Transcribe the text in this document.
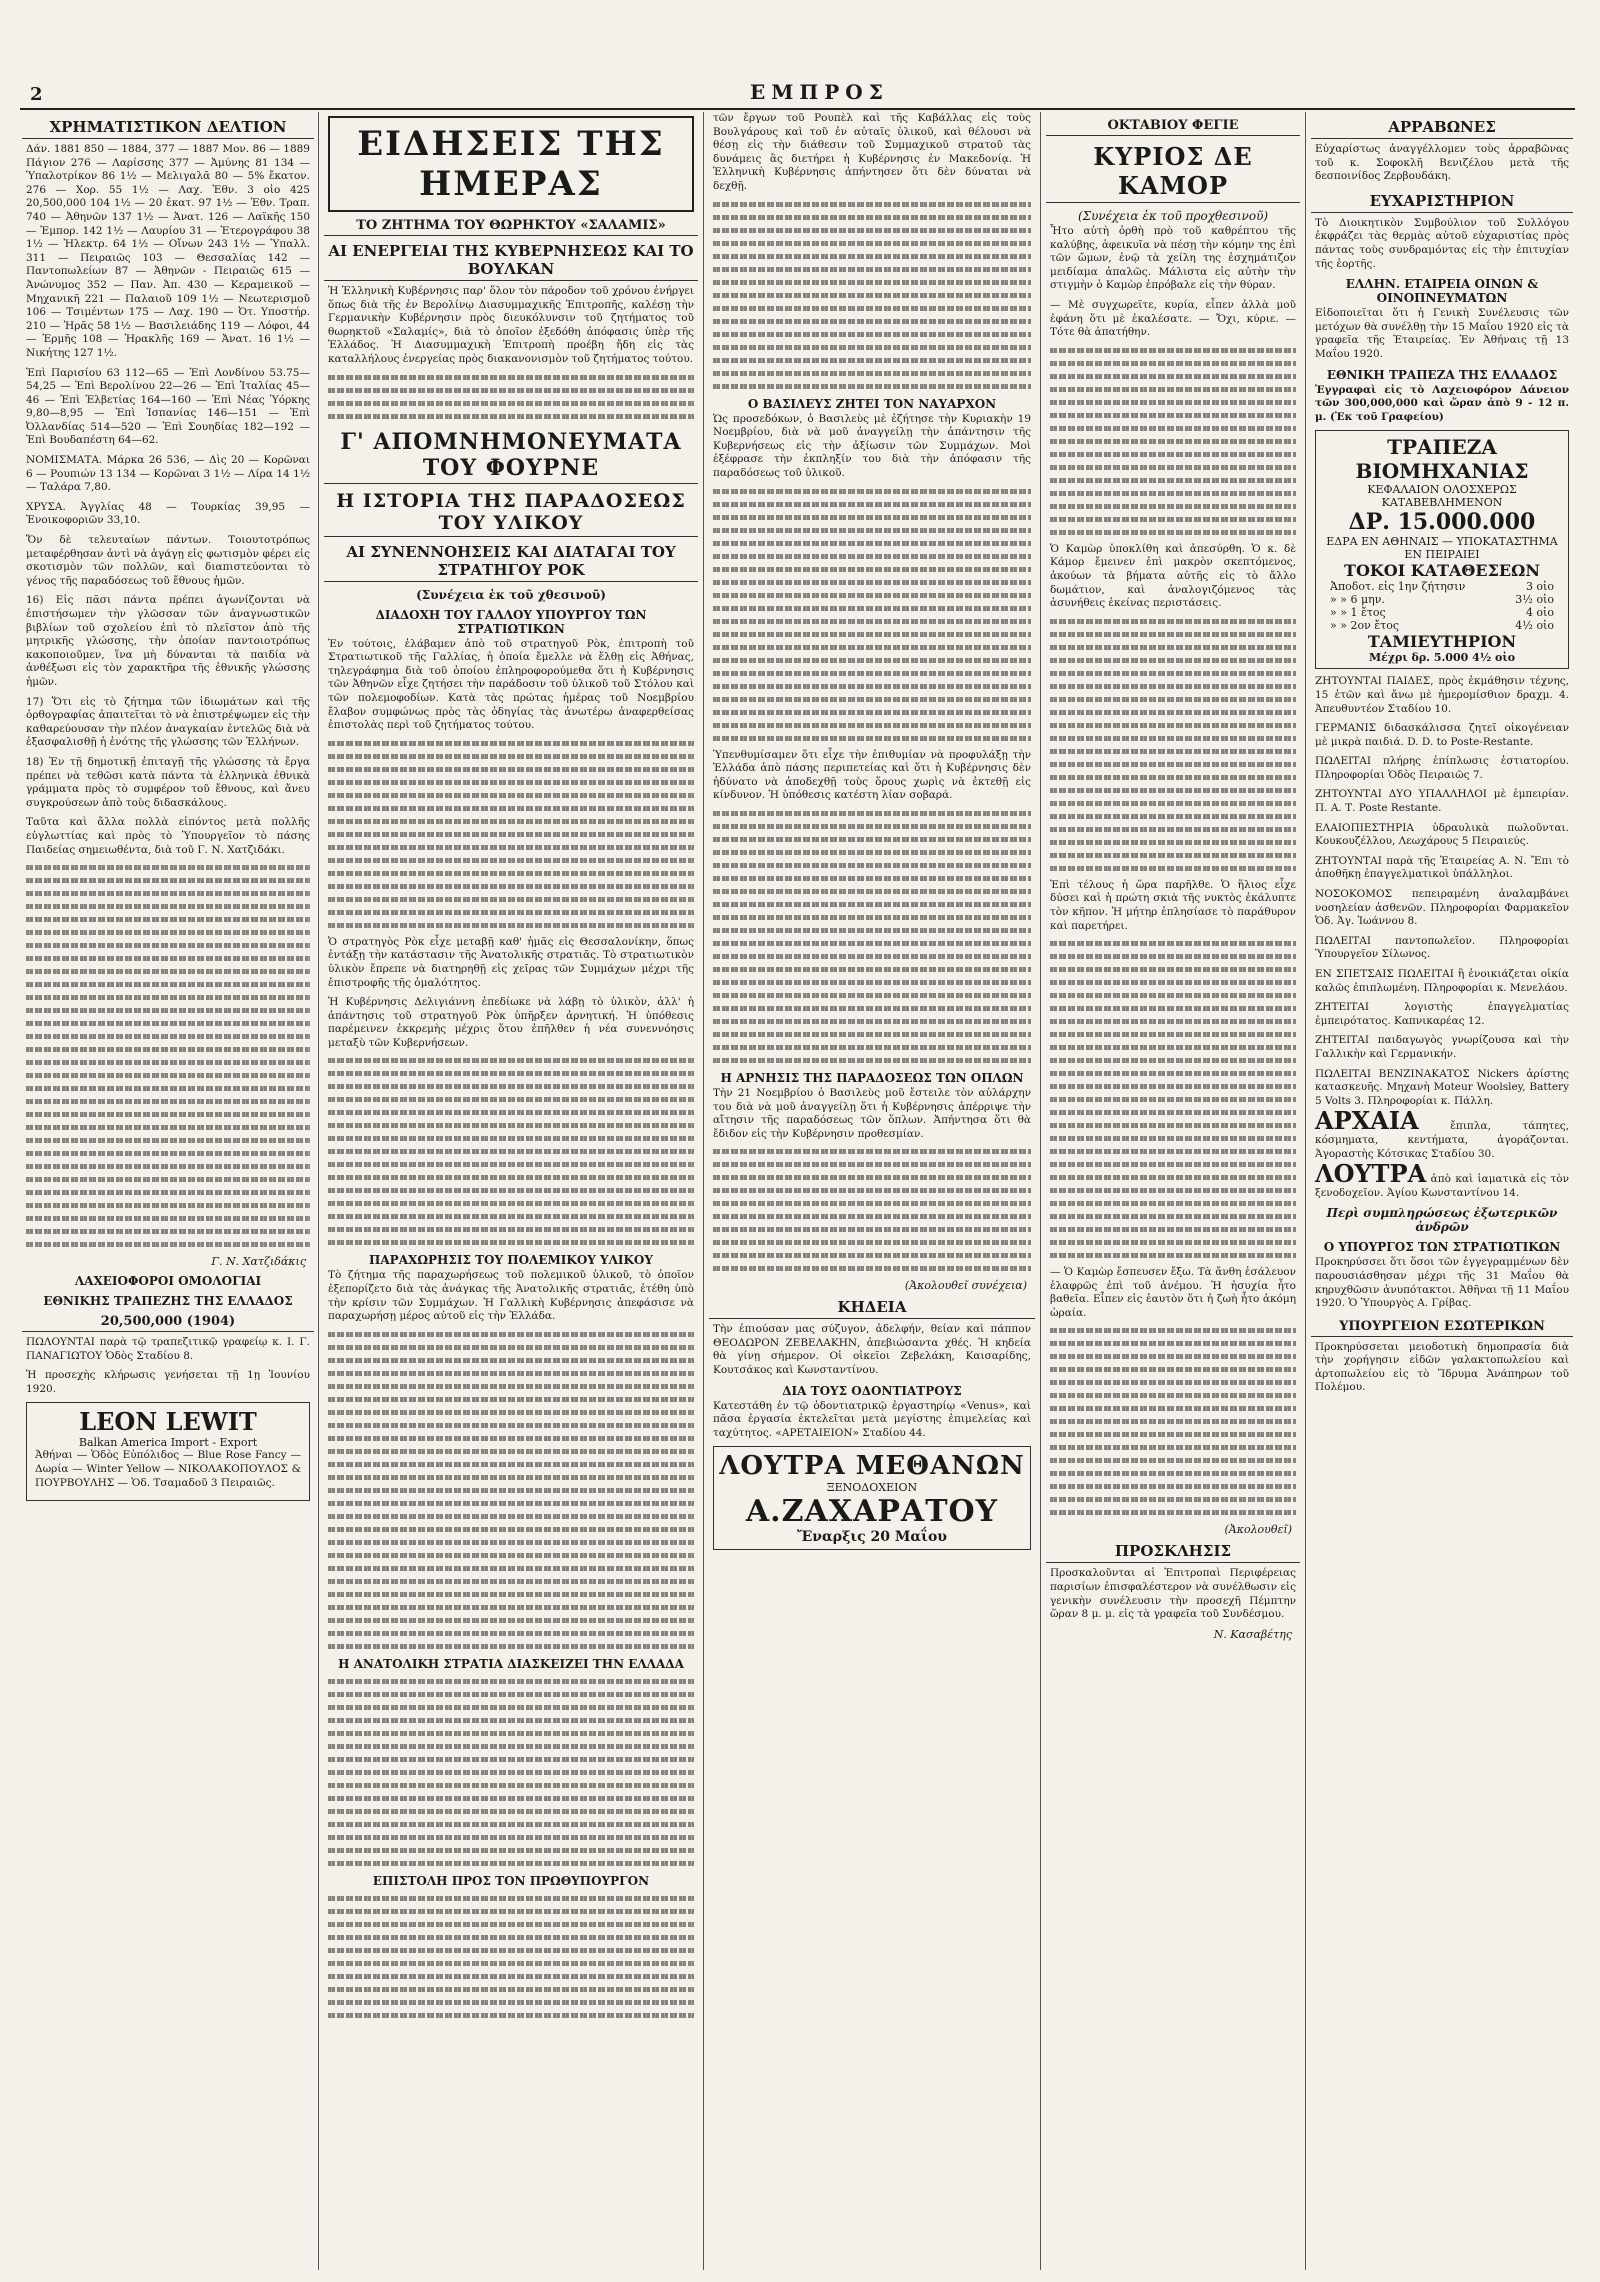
2	ΕΜΠΡΟΣ
ΧΡΗΜΑΤΙΣΤΙΚΟΝ ΔΕΛΤΙΟΝ

Δάν. 1881 850 — 1884, 377 — 1887 Μον. 86 — 1889 Πάγιον 276 — Λαρίσσης 377 — Ἀμύνης 81 134 — Ὑπαλοτρίκον 86 1½ — Μελιγαλᾶ 80 — 5% ἔκατον. 276 — Χορ. 55 1½ — Λαχ. Ἐθν. 3 οἰο 425 20,500,000 104 1½ — 20 ἐκατ. 97 1½ — Ἐθν. Τραπ. 740 — Ἀθηνῶν 137 1½ — Ἀνατ. 126 — Λαϊκῆς 150 — Ἐμπορ. 142 1½ — Λαυρίου 31 — Ἐτερογράφου 38 1½ — Ἠλεκτρ. 64 1½ — Οἴνων 243 1½ — Ὑπαλλ. 311 — Πειραιῶς 103 — Θεσσαλίας 142 — Παντοπωλείων 87 — Ἀθηνῶν - Πειραιῶς 615 — Ἀνώνυμος 352 — Παν. Ἀπ. 430 — Κεραμεικοῦ — Μηχανικῆ 221 — Παλαιοῦ 109 1½ — Νεωτερισμοῦ 106 — Τσιμέντων 175 — Λαχ. 190 — Ὀτ. Υποστήρ. 210 — Ἡρᾶς 58 1½ — Βασιλειάδης 119 — Λόφοι, 44 — Ἐρμῆς 108 — Ἠρακλῆς 169 — Ἀνατ. 16 1½ — Νικήτης 127 1½.

Ἐπὶ Παρισίου 63 112—65 — Ἐπὶ Λονδίνου 53.75—54,25 — Ἐπὶ Βερολίνου 22—26 — Ἐπὶ Ἰταλίας 45—46 — Ἐπὶ Ἐλβετίας 164—160 — Ἐπὶ Νέας Ὑόρκης 9,80—8,95 — Ἐπὶ Ἰσπανίας 146—151 — Ἐπὶ Ὀλλανδίας 514—520 — Ἐπὶ Σουηδίας 182—192 — Ἐπὶ Βουδαπέστη 64—62.

ΝΟΜΙΣΜΑΤΑ. Μάρκα 26 536, — Δὶς 20 — Κορῶναι 6 — Ρουπιών 13 134 — Κορῶναι 3 1½ — Λίρα 14 1½ — Ταλάρα 7,80.

ΧΡΥΣΑ. Ἀγγλίας 48 — Τουρκίας 39,95 — Ἐνοικοφοριῶν 33,10.

Ὅν δὲ τελευταίων πάντων. Τοιουτοτρόπως μεταφέρθησαν ἀντὶ νὰ ἀγάγῃ εἰς φωτισμὸν φέρει εἰς σκοτισμὸν τῶν πολλῶν, καὶ διαπιστεύονται τὸ γένος τῆς παραδόσεως τοῦ ἔθνους ἡμῶν.

16) Εἰς πᾶσι πάντα πρέπει ἀγωνίζονται νὰ ἐπιστήσωμεν τὴν γλῶσσαν τῶν ἀναγνωστικῶν βιβλίων τοῦ σχολείου ἐπὶ τὸ πλεῖστον ἀπὸ τῆς μητρικῆς γλώσσης, τὴν ὁποίαν παντοιοτρόπως κακοποιοῦμεν, ἵνα μὴ δύνανται τὰ παιδία νὰ ἀνθέξωσι εἰς τὸν χαρακτῆρα τῆς ἐθνικῆς γλώσσης ἡμῶν.

17) Ὅτι εἰς τὸ ζήτημα τῶν ἰδιωμάτων καὶ τῆς ὀρθογραφίας ἀπαιτεῖται τὸ νὰ ἐπιστρέψωμεν εἰς τὴν καθαρεύουσαν τὴν πλέον ἀναγκαίαν ἐντελῶς διὰ νὰ ἐξασφαλισθῇ ἡ ἑνότης τῆς γλώσσης τῶν Ἑλλήνων.

18) Ἐν τῇ δημοτικῇ ἐπιταγῇ τῆς γλώσσης τὰ ἔργα πρέπει νὰ τεθῶσι κατὰ πάντα τὰ ἑλληνικὰ ἐθνικὰ γράμματα πρὸς τὸ συμφέρον τοῦ ἔθνους, καὶ ἄνευ συγκρούσεων ἀπὸ τοὺς διδασκάλους.

Ταῦτα καὶ ἄλλα πολλὰ εἰπόντος μετὰ πολλῆς εὐγλωττίας καὶ πρὸς τὸ Ὑπουργεῖον τὸ πάσης Παιδείας σημειωθέντα, διὰ τοῦ Γ. Ν. Χατζιδάκι.

Γ. Ν. Χατζιδάκις
ΛΑΧΕΙΟΦΟΡΟΙ ΟΜΟΛΟΓΙΑΙ
ΕΘΝΙΚΗΣ ΤΡΑΠΕΖΗΣ ΤΗΣ ΕΛΛΑΔΟΣ
20,500,000 (1904)

ΠΩΛΟΥΝΤΑΙ παρὰ τῷ τραπεζιτικῷ γραφείῳ κ. Ι. Γ. ΠΑΝΑΓΙΩΤΟΥ Ὁδὸς Σταδίου 8.

Ἡ προσεχὴς κλήρωσις γενήσεται τῇ 1ῃ Ἰουνίου 1920.

LEON LEWIT
Balkan America Import - Export

Ἀθήναι — Ὁδὸς Εὐπόλιδος — Blue Rose Fancy — Δωρία — Winter Yellow — ΝΙΚΟΛΑΚΟΠΟΥΛΟΣ & ΠΟΥΡΒΟΥΛΗΣ — Ὁδ. Τσαμαδοῦ 3 Πειραιῶς.

ΕΙΔΗΣΕΙΣ ΤΗΣ ΗΜΕΡΑΣ
ΤΟ ΖΗΤΗΜΑ ΤΟΥ ΘΩΡΗΚΤΟΥ «ΣΑΛΑΜΙΣ»
ΑΙ ΕΝΕΡΓΕΙΑΙ ΤΗΣ ΚΥΒΕΡΝΗΣΕΩΣ ΚΑΙ ΤΟ ΒΟΥΛΚΑΝ

Ἡ Ἑλληνικὴ Κυβέρνησις παρ' ὅλον τὸν πάροδον τοῦ χρόνου ἐνήργει ὅπως διὰ τῆς ἐν Βερολίνῳ Διασυμμαχικῆς Ἐπιτροπῆς, καλέσῃ τὴν Γερμανικὴν Κυβέρνησιν πρὸς διευκόλυνσιν τοῦ ζητήματος τοῦ θωρηκτοῦ «Σαλαμίς», διὰ τὸ ὁποῖον ἐξεδόθη ἀπόφασις ὑπὲρ τῆς Ἑλλάδος. Ἡ Διασυμμαχικὴ Ἐπιτροπὴ προέβη ἤδη εἰς τὰς καταλλήλους ἐνεργείας πρὸς διακανονισμὸν τοῦ ζητήματος τούτου.

Γ' ΑΠΟΜΝΗΜΟΝΕΥΜΑΤΑ ΤΟΥ ΦΟΥΡΝΕ
Η ΙΣΤΟΡΙΑ ΤΗΣ ΠΑΡΑΔΟΣΕΩΣ ΤΟΥ ΥΛΙΚΟΥ
ΑΙ ΣΥΝΕΝΝΟΗΣΕΙΣ ΚΑΙ ΔΙΑΤΑΓΑΙ ΤΟΥ ΣΤΡΑΤΗΓΟΥ ΡΟΚ
(Συνέχεια ἐκ τοῦ χθεσινοῦ)
ΔΙΑΔΟΧΗ ΤΟΥ ΓΑΛΛΟΥ ΥΠΟΥΡΓΟΥ ΤΩΝ ΣΤΡΑΤΙΩΤΙΚΩΝ

Ἐν τούτοις, ἐλάβαμεν ἀπὸ τοῦ στρατηγοῦ Ρὸκ, ἐπιτροπὴ τοῦ Στρατιωτικοῦ τῆς Γαλλίας, ἡ ὁποία ἔμελλε νὰ ἔλθῃ εἰς Ἀθήνας, τηλεγράφημα διὰ τοῦ ὁποίου ἐπληροφορούμεθα ὅτι ἡ Κυβέρνησις τῶν Ἀθηνῶν εἶχε ζητήσει τὴν παράδοσιν τοῦ ὑλικοῦ τοῦ Στόλου καὶ τῶν πολεμοφοδίων. Κατὰ τὰς πρώτας ἡμέρας τοῦ Νοεμβρίου ἔλαβον συμφώνως πρὸς τὰς ὁδηγίας τὰς ἀνωτέρω ἀναφερθείσας ἐπιστολὰς περὶ τοῦ ζητήματος τούτου.

Ὁ στρατηγὸς Ρὸκ εἶχε μεταβῇ καθ' ἡμᾶς εἰς Θεσσαλονίκην, ὅπως ἐντάξῃ τὴν κατάστασιν τῆς Ἀνατολικῆς στρατιᾶς. Τὸ στρατιωτικὸν ὑλικὸν ἔπρεπε νὰ διατηρηθῇ εἰς χεῖρας τῶν Συμμάχων μέχρι τῆς ἐπιστροφῆς τῆς ὁμαλότητος.

Ἡ Κυβέρνησις Δελιγιάννη ἐπεδίωκε νὰ λάβῃ τὸ ὑλικὸν, ἀλλ' ἡ ἀπάντησις τοῦ στρατηγοῦ Ρὸκ ὑπῆρξεν ἀρνητική. Ἡ ὑπόθεσις παρέμεινεν ἐκκρεμὴς μέχρις ὅτου ἐπῆλθεν ἡ νέα συνεννόησις μεταξὺ τῶν Κυβερνήσεων.

ΠΑΡΑΧΩΡΗΣΙΣ ΤΟΥ ΠΟΛΕΜΙΚΟΥ ΥΛΙΚΟΥ

Τὸ ζήτημα τῆς παραχωρήσεως τοῦ πολεμικοῦ ὑλικοῦ, τὸ ὁποῖον ἐξεπορίζετο διὰ τὰς ἀνάγκας τῆς Ἀνατολικῆς στρατιᾶς, ἐτέθη ὑπὸ τὴν κρίσιν τῶν Συμμάχων. Ἡ Γαλλικὴ Κυβέρνησις ἀπεφάσισε νὰ παραχωρήσῃ μέρος αὐτοῦ εἰς τὴν Ἑλλάδα.

Η ΑΝΑΤΟΛΙΚΗ ΣΤΡΑΤΙΑ ΔΙΑΣΚΕΙΖΕΙ ΤΗΝ ΕΛΛΑΔΑ
ΕΠΙΣΤΟΛΗ ΠΡΟΣ ΤΟΝ ΠΡΩΘΥΠΟΥΡΓΟΝ

τῶν ἔργων τοῦ Ρουπὲλ καὶ τῆς Καβάλλας εἰς τοὺς Βουλγάρους καὶ τοῦ ἐν αὐταῖς ὑλικοῦ, καὶ θέλουσι νὰ θέσῃ εἰς τὴν διάθεσιν τοῦ Συμμαχικοῦ στρατοῦ τὰς δυνάμεις ἂς διετήρει ἡ Κυβέρνησις ἐν Μακεδονίᾳ. Ἡ Ἑλληνικὴ Κυβέρνησις ἀπήντησεν ὅτι δὲν δύναται νὰ δεχθῇ.

Ο ΒΑΣΙΛΕΥΣ ΖΗΤΕΙ ΤΟΝ ΝΑΥΑΡΧΟΝ

Ὡς προσεδόκων, ὁ Βασιλεὺς μὲ ἐζήτησε τὴν Κυριακὴν 19 Νοεμβρίου, διὰ νὰ μοῦ ἀναγγείλῃ τὴν ἀπάντησιν τῆς Κυβερνήσεως εἰς τὴν ἀξίωσιν τῶν Συμμάχων. Μοὶ ἐξέφρασε τὴν ἐκπληξίν του διὰ τὴν ἀπόφασιν τῆς παραδόσεως τοῦ ὑλικοῦ.

Ὑπενθυμίσαμεν ὅτι εἶχε τὴν ἐπιθυμίαν νὰ προφυλάξῃ τὴν Ἑλλάδα ἀπὸ πάσης περιπετείας καὶ ὅτι ἡ Κυβέρνησις δὲν ἠδύνατο νὰ ἀποδεχθῇ τοὺς ὅρους χωρὶς νὰ ἐκτεθῇ εἰς κίνδυνον. Ἡ ὑπόθεσις κατέστη λίαν σοβαρά.

Η ΑΡΝΗΣΙΣ ΤΗΣ ΠΑΡΑΔΟΣΕΩΣ ΤΩΝ ΟΠΛΩΝ

Τὴν 21 Νοεμβρίου ὁ Βασιλεὺς μοῦ ἔστειλε τὸν αὐλάρχην του διὰ νὰ μοῦ ἀναγγείλῃ ὅτι ἡ Κυβέρνησις ἀπέρριψε τὴν αἴτησιν τῆς παραδόσεως τῶν ὅπλων. Ἀπήντησα ὅτι θὰ ἔδιδον εἰς τὴν Κυβέρνησιν προθεσμίαν.

(Ἀκολουθεῖ συνέχεια)
ΚΗΔΕΙΑ

Τὴν ἐπιούσαν μας σύζυγον, ἀδελφήν, θείαν καὶ πάππον ΘΕΟΔΩΡΟΝ ΖΕΒΕΛΑΚΗΝ, ἀπεβιώσαντα χθές. Ἡ κηδεία θὰ γίνῃ σήμερον. Οἱ οἰκεῖοι Ζεβελάκη, Καισαρίδης, Κουτσάκος καὶ Κωνσταντίνου.

ΔΙΑ ΤΟΥΣ ΟΔΟΝΤΙΑΤΡΟΥΣ

Κατεστάθη ἐν τῷ ὁδοντιατρικῷ ἐργαστηρίῳ «Venus», καὶ πᾶσα ἐργασία ἐκτελεῖται μετὰ μεγίστης ἐπιμελείας καὶ ταχύτητος. «ΑΡΕΤΑΙΕΙΟΝ» Σταδίου 44.

ΛΟΥΤΡΑ ΜΕΘΑΝΩΝ
ΞΕΝΟΔΟΧΕΙΟΝ
Α.ΖΑΧΑΡΑΤΟΥ
Ἔναρξις 20 Μαΐου
ΟΚΤΑΒΙΟΥ ΦΕΓΙΕ
ΚΥΡΙΟΣ ΔΕ ΚΑΜΟΡ
(Συνέχεια ἐκ τοῦ προχθεσινοῦ)

Ἦτο αὐτὴ ὀρθὴ πρὸ τοῦ καθρέπτου τῆς καλύβης, ἀφεικυῖα νὰ πέσῃ τὴν κόμην της ἐπὶ τῶν ὤμων, ἐνῷ τὰ χείλη της ἐσχημάτιζον μειδίαμα ἀπαλῶς. Μάλιστα εἰς αὐτὴν τὴν στιγμὴν ὁ Καμὼρ ἐπρόβαλε εἰς τὴν θύραν.

— Μὲ συγχωρεῖτε, κυρία, εἶπεν ἀλλὰ μοῦ ἐφάνη ὅτι μὲ ἐκαλέσατε. — Ὄχι, κύριε. — Τότε θὰ ἀπατήθην.

Ὁ Καμὼρ ὑποκλίθη καὶ ἀπεσύρθη. Ὁ κ. δὲ Κάμορ ἔμεινεν ἐπὶ μακρὸν σκεπτόμενος, ἀκούων τὰ βήματα αὐτῆς εἰς τὸ ἄλλο δωμάτιον, καὶ ἀναλογιζόμενος τὰς ἀσυνήθεις ἐκείνας περιστάσεις.

Ἐπὶ τέλους ἡ ὥρα παρῆλθε. Ὁ ἥλιος εἶχε δύσει καὶ ἡ πρώτη σκιὰ τῆς νυκτὸς ἐκάλυπτε τὸν κῆπον. Ἡ μήτηρ ἐπλησίασε τὸ παράθυρον καὶ παρετήρει.

— Ὁ Καμὼρ ἔσπευσεν ἔξω. Τὰ ἄνθη ἐσάλευον ἐλαφρῶς ἐπὶ τοῦ ἀνέμου. Ἡ ἡσυχία ἦτο βαθεῖα. Εἶπεν εἰς ἑαυτὸν ὅτι ἡ ζωὴ ἦτο ἀκόμη ὡραία.

(Ἀκολουθεῖ)
ΠΡΟΣΚΛΗΣΙΣ

Προσκαλοῦνται αἱ Ἐπιτροπαὶ Περιφέρειας παρισίων ἐπισφαλέστερον νὰ συνέλθωσιν εἰς γενικὴν συνέλευσιν τὴν προσεχῆ Πέμπτην ὥραν 8 μ. μ. εἰς τὰ γραφεῖα τοῦ Συνδέσμου.

Ν. Κασαβέτης
ΑΡΡΑΒΩΝΕΣ

Εὐχαρίστως ἀναγγέλλομεν τοὺς ἀρραβῶνας τοῦ κ. Σοφοκλῆ Βενιζέλου μετὰ τῆς δεσποινίδος Ζερβουδάκη.

ΕΥΧΑΡΙΣΤΗΡΙΟΝ

Τὸ Διοικητικὸν Συμβούλιον τοῦ Συλλόγου ἐκφράζει τὰς θερμὰς αὐτοῦ εὐχαριστίας πρὸς πάντας τοὺς συνδραμόντας εἰς τὴν ἐπιτυχίαν τῆς ἑορτῆς.

ΕΛΛΗΝ. ΕΤΑΙΡΕΙΑ ΟΙΝΩΝ & ΟΙΝΟΠΝΕΥΜΑΤΩΝ

Εἰδοποιεῖται ὅτι ἡ Γενικὴ Συνέλευσις τῶν μετόχων θὰ συνέλθῃ τὴν 15 Μαΐου 1920 εἰς τὰ γραφεῖα τῆς Ἑταιρείας. Ἐν Ἀθήναις τῇ 13 Μαΐου 1920.

ΕΘΝΙΚΗ ΤΡΑΠΕΖΑ ΤΗΣ ΕΛΛΑΔΟΣ

Ἐγγραφαὶ εἰς τὸ Λαχειοφόρον Δάνειον τῶν 300,000,000 καὶ ὥραν ἀπὸ 9 - 12 π. μ. (Ἐκ τοῦ Γραφείου)

ΤΡΑΠΕΖΑ ΒΙΟΜΗΧΑΝΙΑΣ
ΚΕΦΑΛΑΙΟΝ ΟΛΟΣΧΕΡΩΣ ΚΑΤΑΒΕΒΛΗΜΕΝΟΝ
ΔΡ. 15.000.000
ΕΔΡΑ ΕΝ ΑΘΗΝΑΙΣ — ΥΠΟΚΑΤΑΣΤΗΜΑ ΕΝ ΠΕΙΡΑΙΕΙ
ΤΟΚΟΙ ΚΑΤΑΘΕΣΕΩΝ
Ἀποδοτ. εἰς 1ην ζήτησιν	3 οἰο
» » 6 μην.	3½ οἰο
» » 1 ἔτος	4 οἰο
» » 2ον ἔτος	4½ οἰο
ΤΑΜΙΕΥΤΗΡΙΟΝ
Μέχρι δρ. 5.000 4½ οἰο

ΖΗΤΟΥΝΤΑΙ ΠΑΙΔΕΣ, πρὸς ἐκμάθησιν τέχνης, 15 ἐτῶν καὶ ἄνω μὲ ἡμερομίσθιον δραχμ. 4. Ἀπευθυντέον Σταδίου 10.

ΓΕΡΜΑΝΙΣ διδασκάλισσα ζητεῖ οἰκογένειαν μὲ μικρὰ παιδιά. D. D. to Poste-Restante.

ΠΩΛΕΙΤΑΙ πλήρης ἐπίπλωσις ἑστιατορίου. Πληροφορίαι Ὁδὸς Πειραιῶς 7.

ΖΗΤΟΥΝΤΑΙ ΔΥΟ ΥΠΑΛΛΗΛΟΙ μὲ ἐμπειρίαν. Π. Α. Τ. Poste Restante.

ΕΛΑΙΟΠΙΕΣΤΗΡΙΑ ὑδραυλικὰ πωλοῦνται. Κουκουζέλλου, Λεωχάρους 5 Πειραιεύς.

ΖΗΤΟΥΝΤΑΙ παρὰ τῆς Ἑταιρείας Α. Ν. Ἔπι τὸ ἀποθῆκῃ ἐπαγγελματικοὶ ὑπάλληλοι.

ΝΟΣΟΚΟΜΟΣ πεπειραμένη ἀναλαμβάνει νοσηλείαν ἀσθενῶν. Πληροφορίαι Φαρμακεῖον Ὁδ. Ἀγ. Ἰωάννου 8.

ΠΩΛΕΙΤΑΙ παντοπωλεῖον. Πληροφορίαι Ὑπουργεῖον Σίλωνος.

ΕΝ ΣΠΕΤΣΑΙΣ ΠΩΛΕΙΤΑΙ ἢ ἐνοικιάζεται οἰκία καλῶς ἐπιπλωμένη. Πληροφορίαι κ. Μενελάου.

ΖΗΤΕΙΤΑΙ λογιστὴς ἐπαγγελματίας ἐμπειρότατος. Καπνικαρέας 12.

ΖΗΤΕΙΤΑΙ παιδαγωγὸς γνωρίζουσα καὶ τὴν Γαλλικὴν καὶ Γερμανικήν.

ΠΩΛΕΙΤΑΙ ΒΕΝΖΙΝΑΚΑΤΟΣ Nickers ἀρίστης κατασκευῆς. Μηχανὴ Moteur Woolsley, Battery 5 Volts 3. Πληροφορίαι κ. Πάλλη.

ΑΡΧΑΙΑ	ἔπιπλα, τάπητες, κόσμηματα, κεντήματα, ἀγοράζονται. Ἀγοραστὴς Κότσικας Σταδίου 30.

ΛΟΥΤΡΑ ἀπὸ καὶ ἰαματικὰ εἰς τὸν ξενοδοχεῖον. Ἀγίου Κωνσταντίνου 14.

Περὶ συμπληρώσεως ἐξωτερικῶν ἀνδρῶν
Ο ΥΠΟΥΡΓΟΣ ΤΩΝ ΣΤΡΑΤΙΩΤΙΚΩΝ

Προκηρύσσει ὅτι ὅσοι τῶν ἐγγεγραμμένων δὲν παρουσιάσθησαν μέχρι τῆς 31 Μαΐου θὰ κηρυχθῶσιν ἀνυπότακτοι. Ἀθῆναι τῇ 11 Μαΐου 1920. Ὁ Ὑπουργὸς Α. Γρίβας.

ΥΠΟΥΡΓΕΙΟΝ ΕΣΩΤΕΡΙΚΩΝ

Προκηρύσσεται μειοδοτικὴ δημοπρασία διὰ τὴν χορήγησιν εἰδῶν γαλακτοπωλείου καὶ ἀρτοπωλείου εἰς τὸ Ἵδρυμα Ἀνάπηρων τοῦ Πολέμου.
